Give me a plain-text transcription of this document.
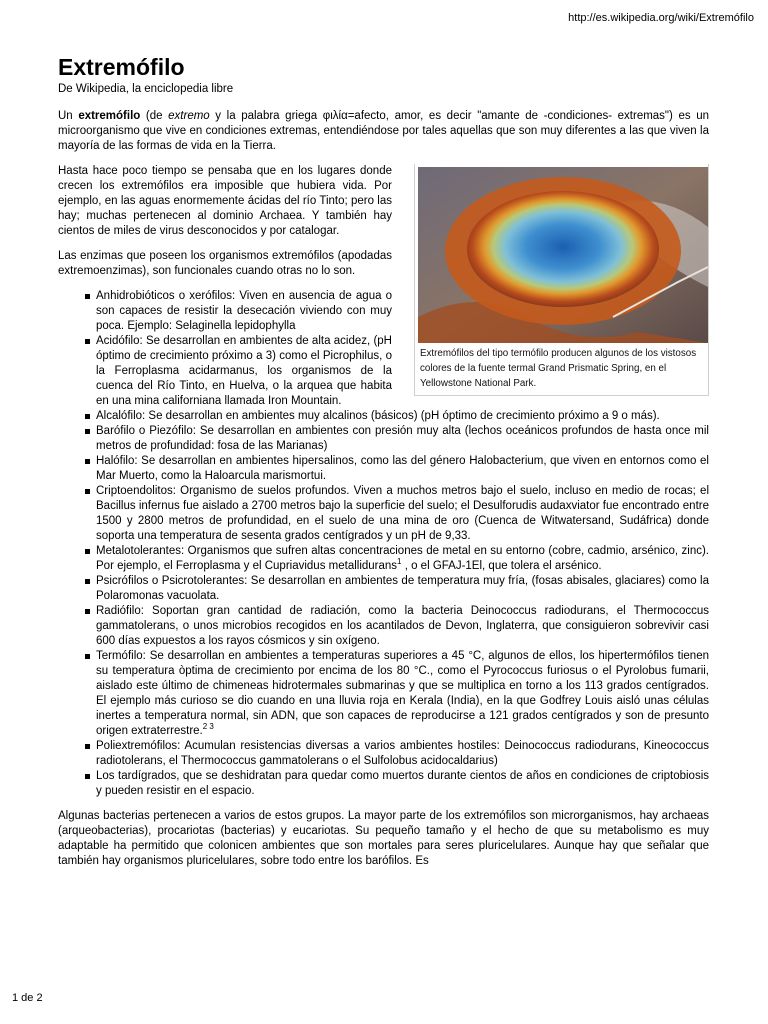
http://es.wikipedia.org/wiki/Extremófilo
Extremófilo
De Wikipedia, la enciclopedia libre

Un extremófilo (de extremo y la palabra griega φιλία=afecto, amor, es decir "amante de -condiciones- extremas") es un microorganismo que vive en condiciones extremas, entendiéndose por tales aquellas que son muy diferentes a las que viven la mayoría de las formas de vida en la Tierra.

Extremófilos del tipo termófilo producen algunos de los vistosos colores de la fuente termal Grand Prismatic Spring, en el Yellowstone National Park.

Hasta hace poco tiempo se pensaba que en los lugares donde crecen los extremófilos era imposible que hubiera vida. Por ejemplo, en las aguas enormemente ácidas del río Tinto; pero las hay; muchas pertenecen al dominio Archaea. Y también hay cientos de miles de virus desconocidos y por catalogar.

Las enzimas que poseen los organismos extremófilos (apodadas extremoenzimas), son funcionales cuando otras no lo son.

Anhidrobióticos o xerófilos: Viven en ausencia de agua o son capaces de resistir la desecación viviendo con muy poca. Ejemplo: Selaginella lepidophylla
Acidófilo: Se desarrollan en ambientes de alta acidez, (pH óptimo de crecimiento próximo a 3) como el Picrophilus, o la Ferroplasma acidarmanus, los organismos de la cuenca del Río Tinto, en Huelva, o la arquea que habita en una mina californiana llamada Iron Mountain.
Alcalófilo: Se desarrollan en ambientes muy alcalinos (básicos) (pH óptimo de crecimiento próximo a 9 o más).
Barófilo o Piezófilo: Se desarrollan en ambientes con presión muy alta (lechos oceánicos profundos de hasta once mil metros de profundidad: fosa de las Marianas)
Halófilo: Se desarrollan en ambientes hipersalinos, como las del género Halobacterium, que viven en entornos como el Mar Muerto, como la Haloarcula marismortui.
Criptoendolitos: Organismo de suelos profundos. Viven a muchos metros bajo el suelo, incluso en medio de rocas; el Bacillus infernus fue aislado a 2700 metros bajo la superficie del suelo; el Desulforudis audaxviator fue encontrado entre 1500 y 2800 metros de profundidad, en el suelo de una mina de oro (Cuenca de Witwatersand, Sudáfrica) donde soporta una temperatura de sesenta grados centígrados y un pH de 9,33.
Metalotolerantes: Organismos que sufren altas concentraciones de metal en su entorno (cobre, cadmio, arsénico, zinc). Por ejemplo, el Ferroplasma y el Cupriavidus metallidurans$^1$ , o el GFAJ-1El, que tolera el arsénico.
Psicrófilos o Psicrotolerantes: Se desarrollan en ambientes de temperatura muy fría, (fosas abisales, glaciares) como la Polaromonas vacuolata.
Radiófilo: Soportan gran cantidad de radiación, como la bacteria Deinococcus radiodurans, el Thermococcus gammatolerans, o unos microbios recogidos en los acantilados de Devon, Inglaterra, que consiguieron sobrevivir casi 600 días expuestos a los rayos cósmicos y sin oxígeno.
Termófilo: Se desarrollan en ambientes a temperaturas superiores a 45 °C, algunos de ellos, los hipertermófilos tienen su temperatura òptima de crecimiento por encima de los 80 °C., como el Pyrococcus furiosus o el Pyrolobus fumarii, aislado este último de chimeneas hidrotermales submarinas y que se multiplica en torno a los 113 grados centígrados. El ejemplo más curioso se dio cuando en una lluvia roja en Kerala (India), en la que Godfrey Louis aisló unas células inertes a temperatura normal, sin ADN, que son capaces de reproducirse a 121 grados centígrados y son de presunto origen extraterrestre.$^{2 3}$
Poliextremófilos: Acumulan resistencias diversas a varios ambientes hostiles: Deinococcus radiodurans, Kineococcus radiotolerans, el Thermococcus gammatolerans o el Sulfolobus acidocaldarius)
Los tardígrados, que se deshidratan para quedar como muertos durante cientos de años en condiciones de criptobiosis y pueden resistir en el espacio.

Algunas bacterias pertenecen a varios de estos grupos. La mayor parte de los extremófilos son microrganismos, hay archaeas (arqueobacterias), procariotas (bacterias) y eucariotas. Su pequeño tamaño y el hecho de que su metabolismo es muy adaptable ha permitido que colonicen ambientes que son mortales para seres pluricelulares. Aunque hay que señalar que también hay organismos pluricelulares, sobre todo entre los barófilos. Es

1 de 2
